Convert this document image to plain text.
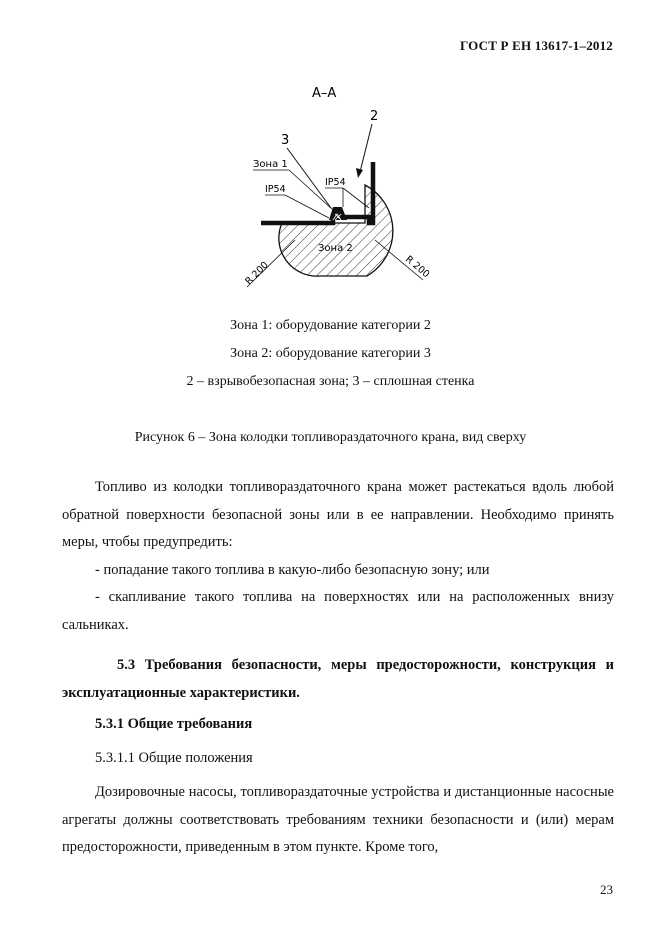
ГОСТ Р ЕН 13617-1–2012
А–А
2
3
Зона 1
IP54
IP54
Зона 2
R 200	R 200
Зона 1: оборудование категории 2
Зона 2: оборудование категории 3
2 – взрывобезопасная зона; 3 – сплошная стенка
Рисунок 6 – Зона колодки топливораздаточного крана, вид сверху
Топливо из колодки топливораздаточного крана может растекаться вдоль любой обратной поверхности безопасной зоны или в ее направлении. Необходимо принять меры, чтобы предупредить:
- попадание такого топлива в какую-либо безопасную зону; или
- скапливание такого топлива на поверхностях или на расположенных внизу сальниках.
5.3 Требования безопасности, меры предосторожности, конструкция и эксплуатационные характеристики.
5.3.1 Общие требования
5.3.1.1 Общие положения
Дозировочные насосы, топливораздаточные устройства и дистанционные насосные агрегаты должны соответствовать требованиям техники безопасности и (или) мерам предосторожности, приведенным в этом пункте. Кроме того,
23
